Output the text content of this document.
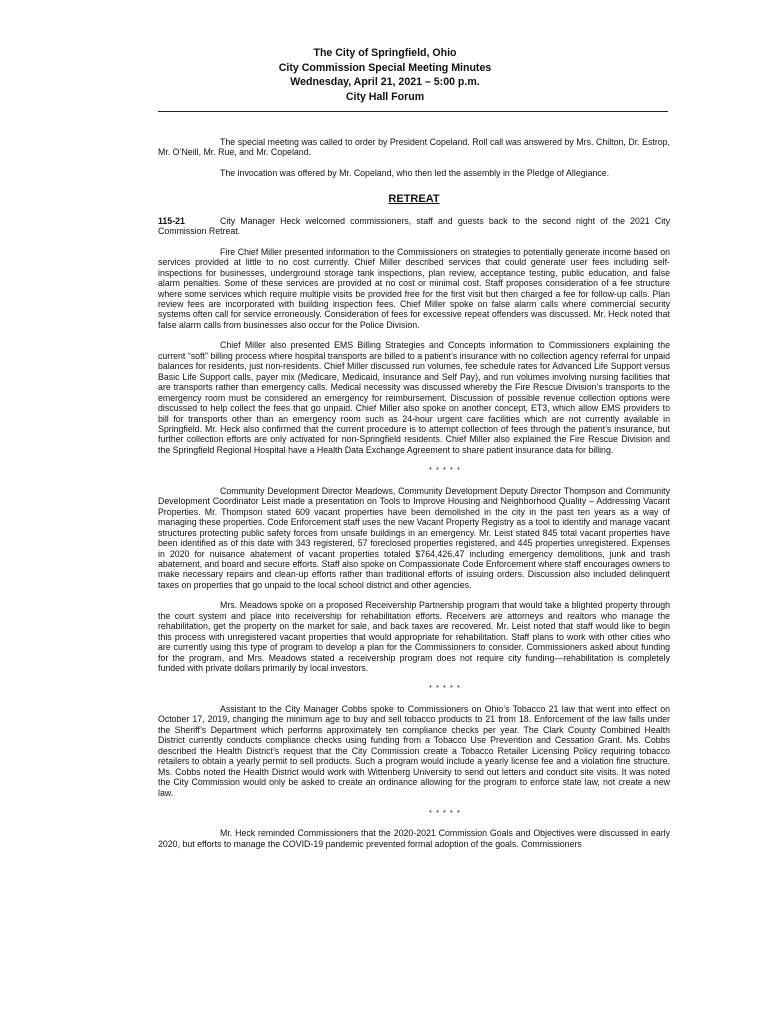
The City of Springfield, Ohio
City Commission Special Meeting Minutes
Wednesday, April 21, 2021 – 5:00 p.m.
City Hall Forum

The special meeting was called to order by President Copeland. Roll call was answered by Mrs. Chilton, Dr. Estrop, Mr. O’Neill, Mr. Rue, and Mr. Copeland.

The invocation was offered by Mr. Copeland, who then led the assembly in the Pledge of Allegiance.

RETREAT

115-21	City Manager Heck welcomed commissioners, staff and guests back to the second night of the 2021 City Commission Retreat.

Fire Chief Miller presented information to the Commissioners on strategies to potentially generate income based on services provided at little to no cost currently. Chief Miller described services that could generate user fees including self-inspections for businesses, underground storage tank inspections, plan review, acceptance testing, public education, and false alarm penalties. Some of these services are provided at no cost or minimal cost. Staff proposes consideration of a fee structure where some services which require multiple visits be provided free for the first visit but then charged a fee for follow-up calls. Plan review fees are incorporated with building inspection fees. Chief Miller spoke on false alarm calls where commercial security systems often call for service erroneously. Consideration of fees for excessive repeat offenders was discussed. Mr. Heck noted that false alarm calls from businesses also occur for the Police Division.

Chief Miller also presented EMS Billing Strategies and Concepts information to Commissioners explaining the current “soft” billing process where hospital transports are billed to a patient’s insurance with no collection agency referral for unpaid balances for residents, just non-residents. Chief Miller discussed run volumes, fee schedule rates for Advanced Life Support versus Basic Life Support calls, payer mix (Medicare, Medicaid, Insurance and Self Pay), and run volumes involving nursing facilities that are transports rather than emergency calls. Medical necessity was discussed whereby the Fire Rescue Division’s transports to the emergency room must be considered an emergency for reimbursement. Discussion of possible revenue collection options were discussed to help collect the fees that go unpaid. Chief Miller also spoke on another concept, ET3, which allow EMS providers to bill for transports other than an emergency room such as 24-hour urgent care facilities which are not currently available in Springfield. Mr. Heck also confirmed that the current procedure is to attempt collection of fees through the patient’s insurance, but further collection efforts are only activated for non-Springfield residents. Chief Miller also explained the Fire Rescue Division and the Springfield Regional Hospital have a Health Data Exchange Agreement to share patient insurance data for billing.

* * * * *

Community Development Director Meadows, Community Development Deputy Director Thompson and Community Development Coordinator Leist made a presentation on Tools to Improve Housing and Neighborhood Quality – Addressing Vacant Properties. Mr. Thompson stated 609 vacant properties have been demolished in the city in the past ten years as a way of managing these properties. Code Enforcement staff uses the new Vacant Property Registry as a tool to identify and manage vacant structures protecting public safety forces from unsafe buildings in an emergency. Mr. Leist stated 845 total vacant properties have been identified as of this date with 343 registered, 57 foreclosed properties registered, and 445 properties unregistered. Expenses in 2020 for nuisance abatement of vacant properties totaled $764,426.47 including emergency demolitions, junk and trash abatement, and board and secure efforts. Staff also spoke on Compassionate Code Enforcement where staff encourages owners to make necessary repairs and clean-up efforts rather than traditional efforts of issuing orders. Discussion also included delinquent taxes on properties that go unpaid to the local school district and other agencies.

Mrs. Meadows spoke on a proposed Receivership Partnership program that would take a blighted property through the court system and place into receivership for rehabilitation efforts. Receivers are attorneys and realtors who manage the rehabilitation, get the property on the market for sale, and back taxes are recovered. Mr. Leist noted that staff would like to begin this process with unregistered vacant properties that would appropriate for rehabilitation. Staff plans to work with other cities who are currently using this type of program to develop a plan for the Commissioners to consider. Commissioners asked about funding for the program, and Mrs. Meadows stated a receivership program does not require city funding—rehabilitation is completely funded with private dollars primarily by local investors.

* * * * *

Assistant to the City Manager Cobbs spoke to Commissioners on Ohio’s Tobacco 21 law that went into effect on October 17, 2019, changing the minimum age to buy and sell tobacco products to 21 from 18. Enforcement of the law falls under the Sheriff’s Department which performs approximately ten compliance checks per year. The Clark County Combined Health District currently conducts compliance checks using funding from a Tobacco Use Prevention and Cessation Grant. Ms. Cobbs described the Health District’s request that the City Commission create a Tobacco Retailer Licensing Policy requiring tobacco retailers to obtain a yearly permit to sell products. Such a program would include a yearly license fee and a violation fine structure. Ms. Cobbs noted the Health District would work with Wittenberg University to send out letters and conduct site visits. It was noted the City Commission would only be asked to create an ordinance allowing for the program to enforce state law, not create a new law.

* * * * *

Mr. Heck reminded Commissioners that the 2020-2021 Commission Goals and Objectives were discussed in early 2020, but efforts to manage the COVID-19 pandemic prevented formal adoption of the goals. Commissioners
